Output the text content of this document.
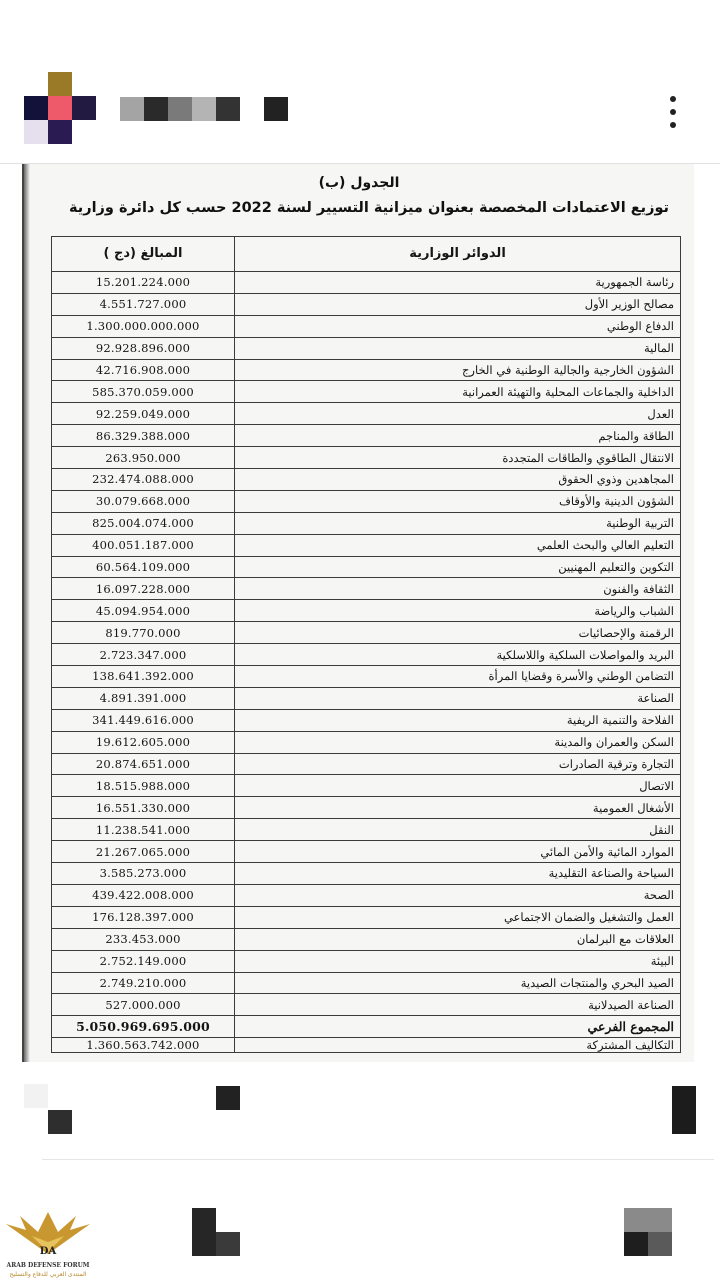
الجدول (ب)
توزيع الاعتمادات المخصصة بعنوان ميزانية التسيير لسنة 2022 حسب كل دائرة وزارية
المبالغ (دج )	الدوائر الوزارية
15.201.224.000	رئاسة الجمهورية
4.551.727.000	مصالح الوزير الأول
1.300.000.000.000	الدفاع الوطني
92.928.896.000	المالية
42.716.908.000	الشؤون الخارجية والجالية الوطنية في الخارج
585.370.059.000	الداخلية والجماعات المحلية والتهيئة العمرانية
92.259.049.000	العدل
86.329.388.000	الطاقة والمناجم
263.950.000	الانتقال الطاقوي والطاقات المتجددة
232.474.088.000	المجاهدين وذوي الحقوق
30.079.668.000	الشؤون الدينية والأوقاف
825.004.074.000	التربية الوطنية
400.051.187.000	التعليم العالي والبحث العلمي
60.564.109.000	التكوين والتعليم المهنيين
16.097.228.000	الثقافة والفنون
45.094.954.000	الشباب والرياضة
819.770.000	الرقمنة والإحصائيات
2.723.347.000	البريد والمواصلات السلكية واللاسلكية
138.641.392.000	التضامن الوطني والأسرة وقضايا المرأة
4.891.391.000	الصناعة
341.449.616.000	الفلاحة والتنمية الريفية
19.612.605.000	السكن والعمران والمدينة
20.874.651.000	التجارة وترقية الصادرات
18.515.988.000	الاتصال
16.551.330.000	الأشغال العمومية
11.238.541.000	النقل
21.267.065.000	الموارد المائية والأمن المائي
3.585.273.000	السياحة والصناعة التقليدية
439.422.008.000	الصحة
176.128.397.000	العمل والتشغيل والضمان الاجتماعي
233.453.000	العلاقات مع البرلمان
2.752.149.000	البيئة
2.749.210.000	الصيد البحري والمنتجات الصيدية
527.000.000	الصناعة الصيدلانية
5.050.969.695.000	المجموع الفرعي
1.360.563.742.000	التكاليف المشتركة
DA
ARAB DEFENSE FORUM
المنتدى العربي للدفاع والتسليح
